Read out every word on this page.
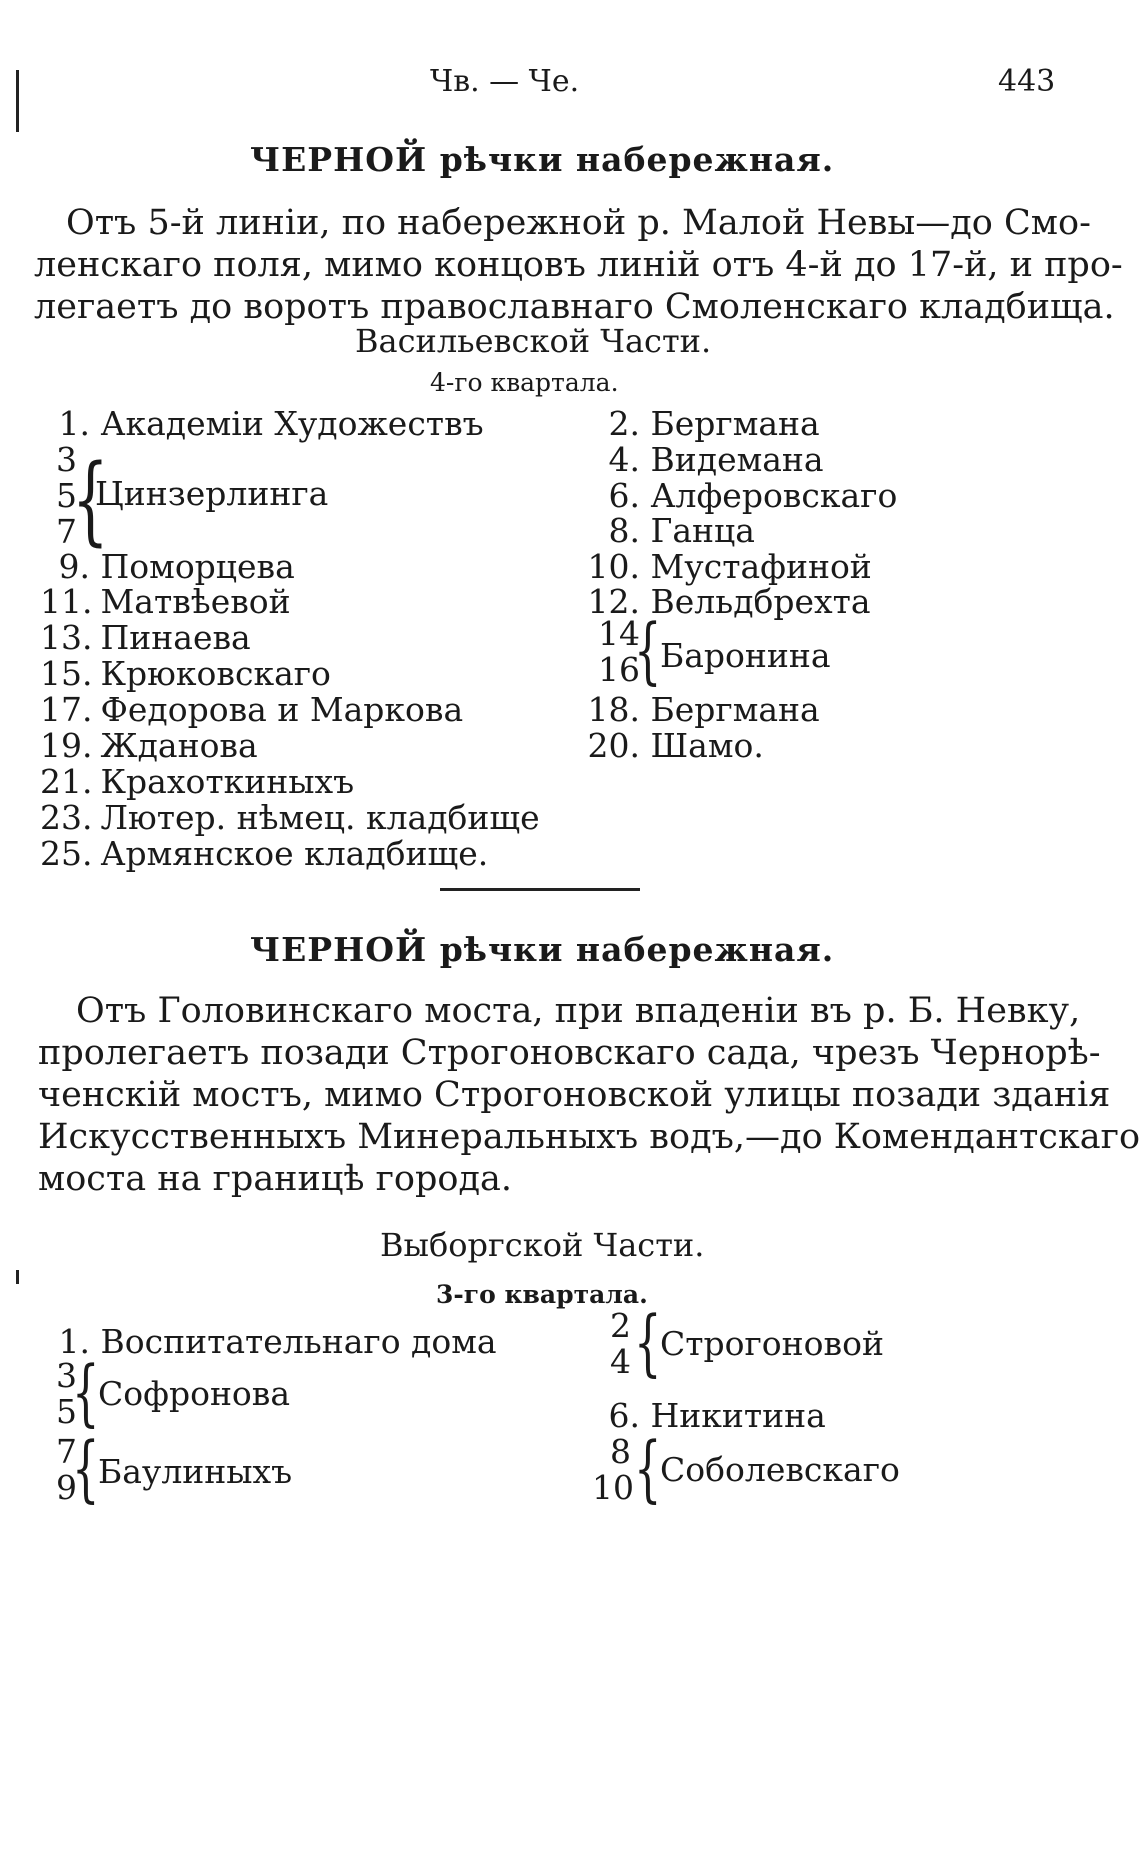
Чв. — Че.	443
ЧЕРНОЙ рѣчки набережная.
Отъ 5-й линіи, по набережной р. Малой Невы—до Смо-
ленскаго поля, мимо концовъ линій отъ 4-й до 17-й, и про-
легаетъ до воротъ православнаго Смоленскаго кладбища.
Васильевской Части.
4-го квартала.
1. Академіи Художествъ
3
5
7
{
Цинзерлинга
9. Поморцева
11. Матвѣевой
13. Пинаева
15. Крюковскаго
17. Федорова и Маркова
19. Жданова
21. Крахоткиныхъ
23. Лютер. нѣмец. кладбище
25. Армянское кладбище.
2. Бергмана
4. Видемана
6. Алферовскаго
8. Ганца
10. Мустафиной
12. Вельдбрехта
14
16
{
Баронина
18. Бергмана
20. Шамо.
ЧЕРНОЙ рѣчки набережная.
Отъ Головинскаго моста, при впаденіи въ р. Б. Невку,
пролегаетъ позади Строгоновскаго сада, чрезъ Чернорѣ-
ченскій мостъ, мимо Строгоновской улицы позади зданія
Искусственныхъ Минеральныхъ водъ,—до Комендантскаго
моста на границѣ города.
Выборгской Части.
3-го квартала.
1. Воспитательнаго дома
3
5
{
Софронова
7
9
{
Баулиныхъ
2
4 {
Строгоновой
6. Никитина
8
10 {
Соболевскаго
